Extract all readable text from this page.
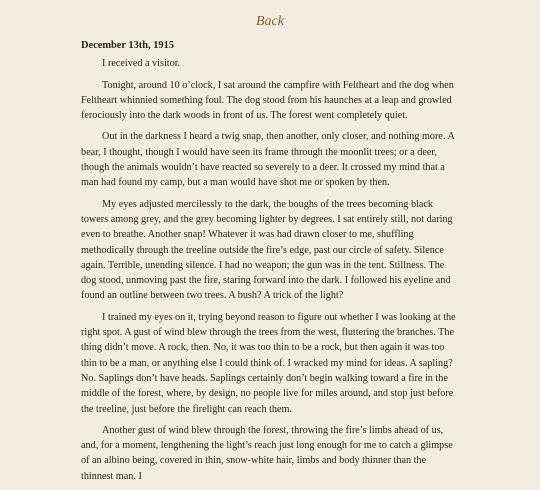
Back
December 13th, 1915

I received a visitor.

Tonight, around 10 o’clock, I sat around the campfire with Feltheart and the dog when Feltheart whinnied something foul. The dog stood from his haunches at a leap and growled ferociously into the dark woods in front of us. The forest went completely quiet.

Out in the darkness I heard a twig snap, then another, only closer, and nothing more. A bear, I thought, though I would have seen its frame through the moonlit trees; or a deer, though the animals wouldn’t have reacted so severely to a deer. It crossed my mind that a man had found my camp, but a man would have shot me or spoken by then.

My eyes adjusted mercilessly to the dark, the boughs of the trees becoming black towers among grey, and the grey becoming lighter by degrees. I sat entirely still, not daring even to breathe. Another snap! Whatever it was had drawn closer to me, shuffling methodically through the treeline outside the fire’s edge, past our circle of safety. Silence again. Terrible, unending silence. I had no weapon; the gun was in the tent. Stillness. The dog stood, unmoving past the fire, staring forward into the dark. I followed his eyeline and found an outline between two trees. A bush? A trick of the light?

I trained my eyes on it, trying beyond reason to figure out whether I was looking at the right spot. A gust of wind blew through the trees from the west, fluttering the branches. The thing didn’t move. A rock, then. No, it was too thin to be a rock, but then again it was too thin to be a man, or anything else I could think of. I wracked my mind for ideas. A sapling? No. Saplings don’t have heads. Saplings certainly don’t begin walking toward a fire in the middle of the forest, where, by design, no people live for miles around, and stop just before the treeline, just before the firelight can reach them.

Another gust of wind blew through the forest, throwing the fire’s limbs ahead of us, and, for a moment, lengthening the light’s reach just long enough for me to catch a glimpse of an albino being, covered in thin, snow-white hair, limbs and body thinner than the thinnest man. I
